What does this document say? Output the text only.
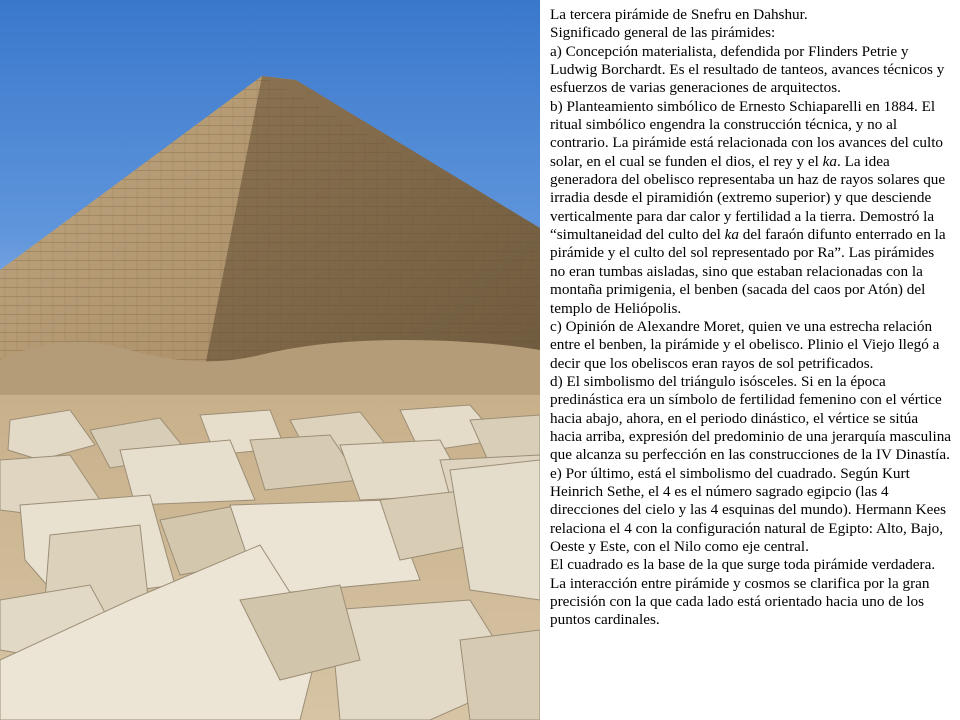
La tercera pirámide de Snefru en Dahshur.

Significado general de las pirámides:

a) Concepción materialista, defendida por Flinders Petrie y Ludwig Borchardt. Es el resultado de tanteos, avances técnicos y esfuerzos de varias generaciones de arquitectos.

b) Planteamiento simbólico de Ernesto Schiaparelli en 1884. El ritual simbólico engendra la construcción técnica, y no al contrario. La pirámide está relacionada con los avances del culto solar, en el cual se funden el dios, el rey y el ka. La idea generadora del obelisco representaba un haz de rayos solares que irradia desde el piramidión (extremo superior) y que desciende verticalmente para dar calor y fertilidad a la tierra. Demostró la “simultaneidad del culto del ka del faraón difunto enterrado en la pirámide y el culto del sol representado por Ra”. Las pirámides no eran tumbas aisladas, sino que estaban relacionadas con la montaña primigenia, el benben (sacada del caos por Atón) del templo de Heliópolis.

c) Opinión de Alexandre Moret, quien ve una estrecha relación entre el benben, la pirámide y el obelisco. Plinio el Viejo llegó a decir que los obeliscos eran rayos de sol petrificados.

d) El simbolismo del triángulo isósceles. Si en la época predinástica era un símbolo de fertilidad femenino con el vértice hacia abajo, ahora, en el periodo dinástico, el vértice se sitúa hacia arriba, expresión del predominio de una jerarquía masculina que alcanza su perfección en las construcciones de la IV Dinastía.

e) Por último, está el simbolismo del cuadrado. Según Kurt Heinrich Sethe, el 4 es el número sagrado egipcio (las 4 direcciones del cielo y las 4 esquinas del mundo). Hermann Kees relaciona el 4 con la configuración natural de Egipto: Alto, Bajo, Oeste y Este, con el Nilo como eje central.

El cuadrado es la base de la que surge toda pirámide verdadera. La interacción entre pirámide y cosmos se clarifica por la gran precisión con la que cada lado está orientado hacia uno de los puntos cardinales.
